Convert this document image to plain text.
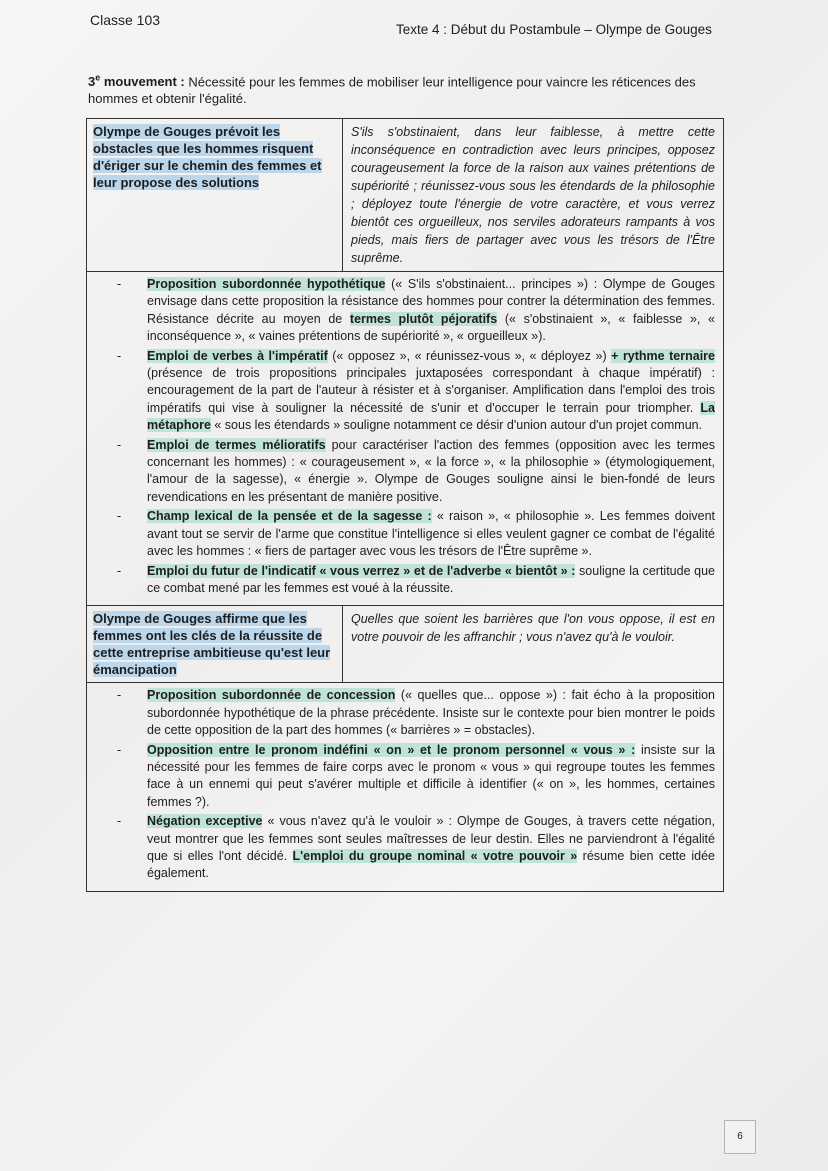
Classe 103
Texte 4 : Début du Postambule – Olympe de Gouges
3e mouvement : Nécessité pour les femmes de mobiliser leur intelligence pour vaincre les réticences des hommes et obtenir l'égalité.
Olympe de Gouges prévoit les obstacles que les hommes risquent d'ériger sur le chemin des femmes et leur propose des solutions
S'ils s'obstinaient, dans leur faiblesse, à mettre cette inconséquence en contradiction avec leurs principes, opposez courageusement la force de la raison aux vaines prétentions de supériorité ; réunissez-vous sous les étendards de la philosophie ; déployez toute l'énergie de votre caractère, et vous verrez bientôt ces orgueilleux, nos serviles adorateurs rampants à vos pieds, mais fiers de partager avec vous les trésors de l'Être suprême.
- Proposition subordonnée hypothétique (« S'ils s'obstinaient... principes ») : Olympe de Gouges envisage dans cette proposition la résistance des hommes pour contrer la détermination des femmes. Résistance décrite au moyen de termes plutôt péjoratifs (« s'obstinaient », « faiblesse », « inconséquence », « vaines prétentions de supériorité », « orgueilleux »).
- Emploi de verbes à l'impératif (« opposez », « réunissez-vous », « déployez ») + rythme ternaire (présence de trois propositions principales juxtaposées correspondant à chaque impératif) : encouragement de la part de l'auteur à résister et à s'organiser. Amplification dans l'emploi des trois impératifs qui vise à souligner la nécessité de s'unir et d'occuper le terrain pour triompher. La métaphore « sous les étendards » souligne notamment ce désir d'union autour d'un projet commun.
- Emploi de termes mélioratifs pour caractériser l'action des femmes (opposition avec les termes concernant les hommes) : « courageusement », « la force », « la philosophie » (étymologiquement, l'amour de la sagesse), « énergie ». Olympe de Gouges souligne ainsi le bien-fondé de leurs revendications en les présentant de manière positive.
- Champ lexical de la pensée et de la sagesse : « raison », « philosophie ». Les femmes doivent avant tout se servir de l'arme que constitue l'intelligence si elles veulent gagner ce combat de l'égalité avec les hommes : « fiers de partager avec vous les trésors de l'Être suprême ».
- Emploi du futur de l'indicatif « vous verrez » et de l'adverbe « bientôt » : souligne la certitude que ce combat mené par les femmes est voué à la réussite.
Olympe de Gouges affirme que les femmes ont les clés de la réussite de cette entreprise ambitieuse qu'est leur émancipation
Quelles que soient les barrières que l'on vous oppose, il est en votre pouvoir de les affranchir ; vous n'avez qu'à le vouloir.
- Proposition subordonnée de concession (« quelles que... oppose ») : fait écho à la proposition subordonnée hypothétique de la phrase précédente. Insiste sur le contexte pour bien montrer le poids de cette opposition de la part des hommes (« barrières » = obstacles).
- Opposition entre le pronom indéfini « on » et le pronom personnel « vous » : insiste sur la nécessité pour les femmes de faire corps avec le pronom « vous » qui regroupe toutes les femmes face à un ennemi qui peut s'avérer multiple et difficile à identifier (« on », les hommes, certaines femmes ?).
- Négation exceptive « vous n'avez qu'à le vouloir » : Olympe de Gouges, à travers cette négation, veut montrer que les femmes sont seules maîtresses de leur destin. Elles ne parviendront à l'égalité que si elles l'ont décidé. L'emploi du groupe nominal « votre pouvoir » résume bien cette idée également.
6
